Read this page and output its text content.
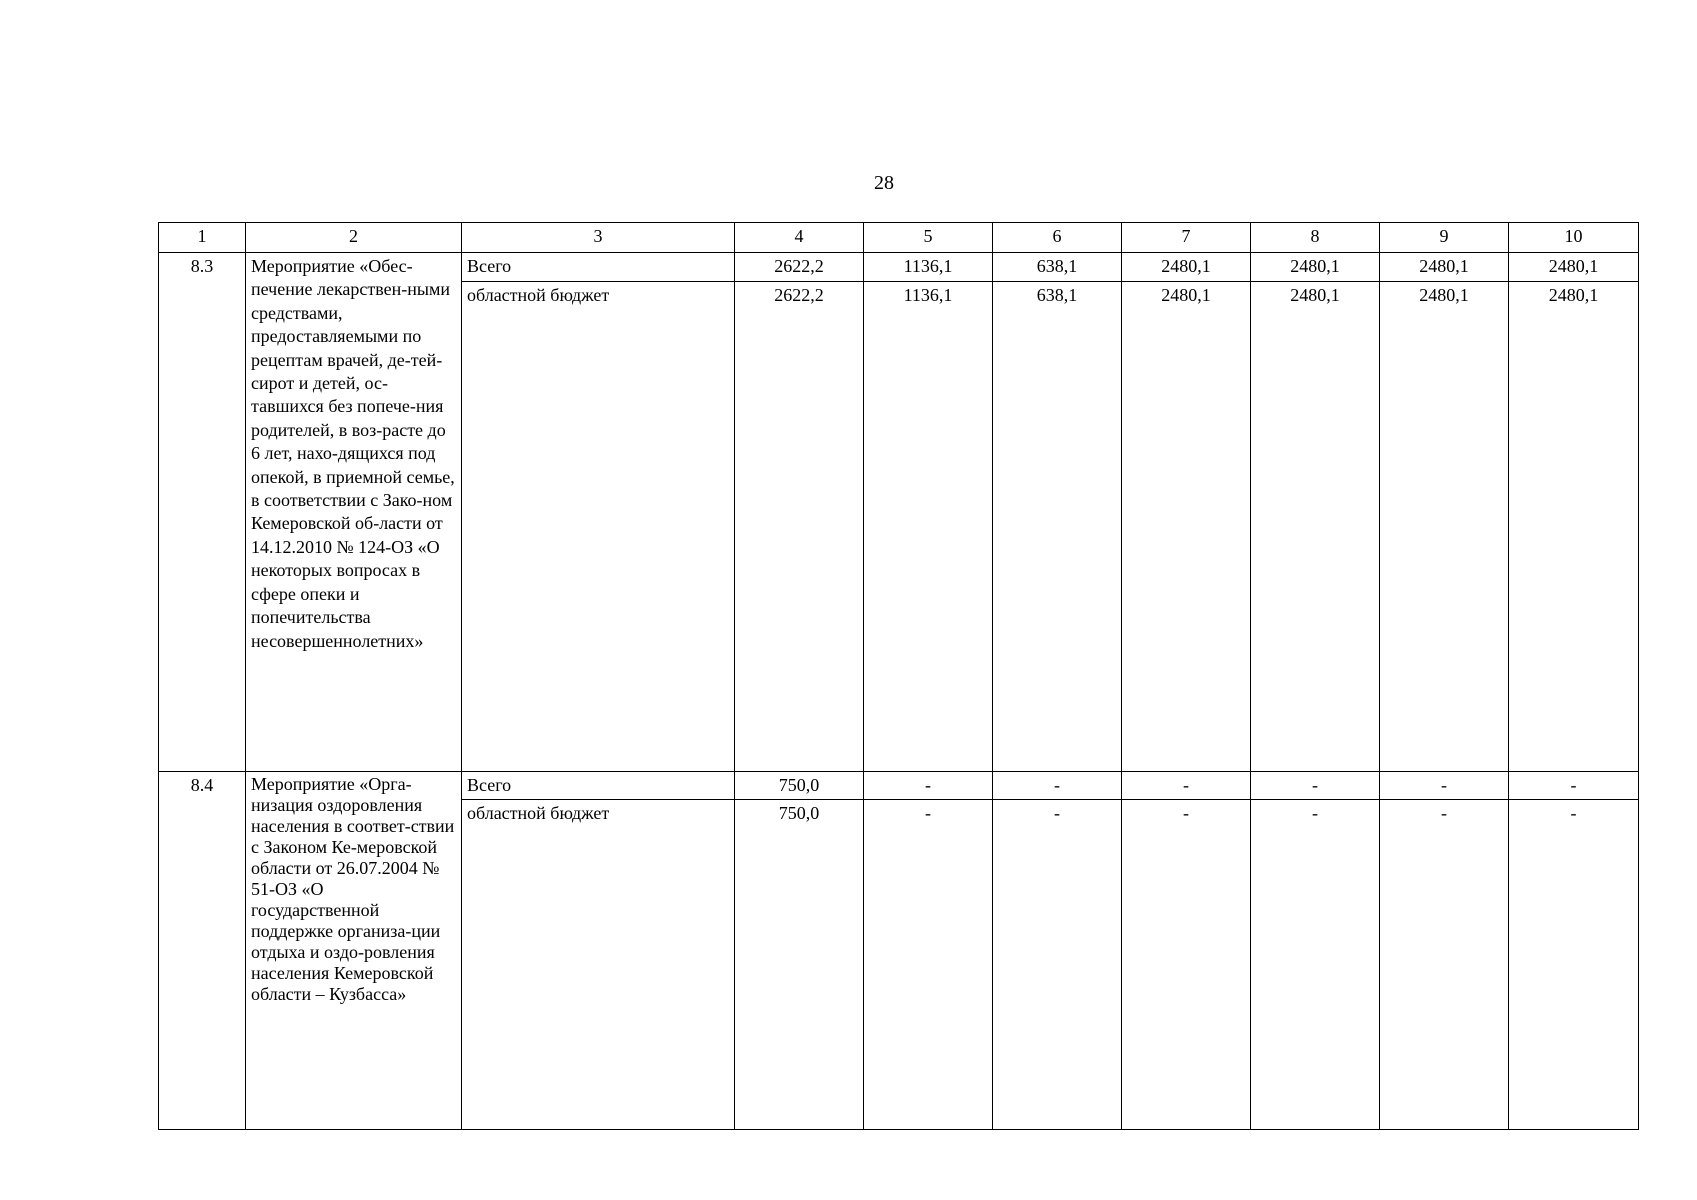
28
1	2	3	4	5	6	7	8	9	10
8.3	Мероприятие «Обес-печение лекарствен-ными средствами, предоставляемыми по рецептам врачей, де-тей-сирот и детей, ос-тавшихся без попече-ния родителей, в воз-расте до 6 лет, нахо-дящихся под опекой, в приемной семье, в соответствии с Зако-ном Кемеровской об-ласти от 14.12.2010 № 124-ОЗ «О некоторых вопросах в сфере опеки и попечительства несовершеннолетних»	Всего	2622,2	1136,1	638,1	2480,1	2480,1	2480,1	2480,1
		областной бюджет	2622,2	1136,1	638,1	2480,1	2480,1	2480,1	2480,1
8.4	Мероприятие «Орга-низация оздоровления населения в соответ-ствии с Законом Ке-меровской области от 26.07.2004 № 51-ОЗ «О государственной поддержке организа-ции отдыха и оздо-ровления населения Кемеровской области – Кузбасса»	Всего	750,0	-	-	-	-	-	-
		областной бюджет	750,0	-	-	-	-	-	-
